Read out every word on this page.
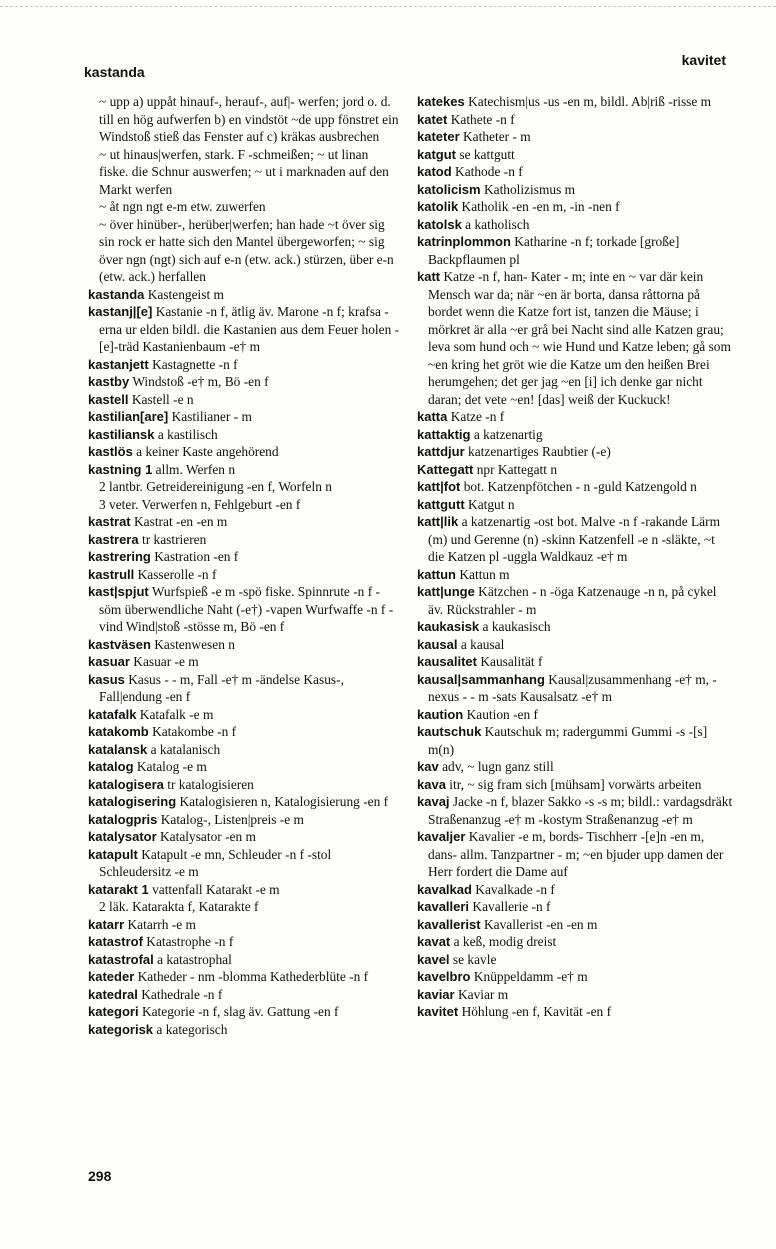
kastanda
kavitet

~ upp a) uppåt hinauf-, herauf-, auf|- werfen; jord o. d. till en hög aufwerfen b) en vindstöt ~de upp fönstret ein Windstoß stieß das Fenster auf c) kräkas ausbrechen

~ ut hinaus|werfen, stark. F -schmeißen; ~ ut linan fiske. die Schnur auswerfen; ~ ut i marknaden auf den Markt werfen

~ åt ngn ngt e-m etw. zuwerfen

~ över hinüber-, herüber|werfen; han hade ~t över sig sin rock er hatte sich den Mantel übergeworfen; ~ sig över ngn (ngt) sich auf e-n (etw. ack.) stürzen, über e-n (etw. ack.) herfallen

kastanda Kastengeist m

kastanj|[e] Kastanie -n f, ätlig äv. Marone -n f; krafsa -erna ur elden bildl. die Kastanien aus dem Feuer holen -[e]-träd Kastanienbaum -e† m

kastanjett Kastagnette -n f

kastby Windstoß -e† m, Bö -en f

kastell Kastell -e n

kastilian[are] Kastilianer - m

kastiliansk a kastilisch

kastlös a keiner Kaste angehörend

kastning 1 allm. Werfen n

2 lantbr. Getreidereinigung -en f, Worfeln n

3 veter. Verwerfen n, Fehlgeburt -en f

kastrat Kastrat -en -en m

kastrera tr kastrieren

kastrering Kastration -en f

kastrull Kasserolle -n f

kast|spjut Wurfspieß -e m -spö fiske. Spinnrute -n f -söm überwendliche Naht (-e†) -vapen Wurfwaffe -n f -vind Wind|stoß -stösse m, Bö -en f

kastväsen Kastenwesen n

kasuar Kasuar -e m

kasus Kasus - - m, Fall -e† m -ändelse Kasus-, Fall|endung -en f

katafalk Katafalk -e m

katakomb Katakombe -n f

katalansk a katalanisch

katalog Katalog -e m

katalogisera tr katalogisieren

katalogisering Katalogisieren n, Katalogisierung -en f

katalogpris Katalog-, Listen|preis -e m

katalysator Katalysator -en m

katapult Katapult -e mn, Schleuder -n f -stol Schleudersitz -e m

katarakt 1 vattenfall Katarakt -e m

2 läk. Katarakta f, Katarakte f

katarr Katarrh -e m

katastrof Katastrophe -n f

katastrofal a katastrophal

kateder Katheder - nm -blomma Kathederblüte -n f

katedral Kathedrale -n f

kategori Kategorie -n f, slag äv. Gattung -en f

kategorisk a kategorisch

katekes Katechism|us -us -en m, bildl. Ab|riß -risse m

katet Kathete -n f

kateter Katheter - m

katgut se kattgutt

katod Kathode -n f

katolicism Katholizismus m

katolik Katholik -en -en m, -in -nen f

katolsk a katholisch

katrinplommon Katharine -n f; torkade [große] Backpflaumen pl

katt Katze -n f, han- Kater - m; inte en ~ var där kein Mensch war da; när ~en är borta, dansa råttorna på bordet wenn die Katze fort ist, tanzen die Mäuse; i mörkret är alla ~er grå bei Nacht sind alle Katzen grau; leva som hund och ~ wie Hund und Katze leben; gå som ~en kring het gröt wie die Katze um den heißen Brei herumgehen; det ger jag ~en [i] ich denke gar nicht daran; det vete ~en! [das] weiß der Kuckuck!

katta Katze -n f

kattaktig a katzenartig

kattdjur katzenartiges Raubtier (-e)

Kattegatt npr Kattegatt n

katt|fot bot. Katzenpfötchen - n -guld Katzengold n

kattgutt Katgut n

katt|lik a katzenartig -ost bot. Malve -n f -rakande Lärm (m) und Gerenne (n) -skinn Katzenfell -e n -släkte, ~t die Katzen pl -uggla Waldkauz -e† m

kattun Kattun m

katt|unge Kätzchen - n -öga Katzenauge -n n, på cykel äv. Rückstrahler - m

kaukasisk a kaukasisch

kausal a kausal

kausalitet Kausalität f

kausal|sammanhang Kausal|zusammenhang -e† m, -nexus - - m -sats Kausalsatz -e† m

kaution Kaution -en f

kautschuk Kautschuk m; radergummi Gummi -s -[s] m(n)

kav adv, ~ lugn ganz still

kava itr, ~ sig fram sich [mühsam] vorwärts arbeiten

kavaj Jacke -n f, blazer Sakko -s -s m; bildl.: vardagsdräkt Straßenanzug -e† m -kostym Straßenanzug -e† m

kavaljer Kavalier -e m, bords- Tischherr -[e]n -en m, dans- allm. Tanzpartner - m; ~en bjuder upp damen der Herr fordert die Dame auf

kavalkad Kavalkade -n f

kavalleri Kavallerie -n f

kavallerist Kavallerist -en -en m

kavat a keß, modig dreist

kavel se kavle

kavelbro Knüppeldamm -e† m

kaviar Kaviar m

kavitet Höhlung -en f, Kavität -en f

298
